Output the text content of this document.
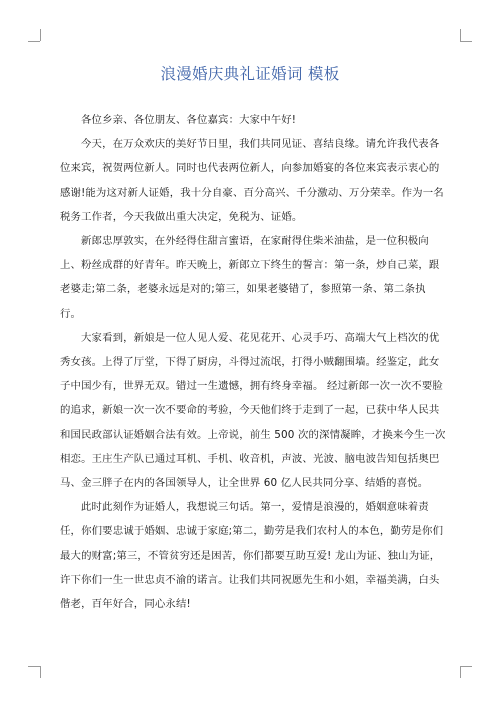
浪漫婚庆典礼证婚词 模板

各位乡亲、各位朋友、各位嘉宾：大家中午好!

今天，在万众欢庆的美好节日里，我们共同见证、喜结良缘。请允许我代表各位来宾，祝贺两位新人。同时也代表两位新人，向参加婚宴的各位来宾表示衷心的感谢!能为这对新人证婚，我十分自豪、百分高兴、千分激动、万分荣幸。作为一名税务工作者，今天我做出重大决定，免税为、证婚。

新郎忠厚敦实，在外经得住甜言蜜语，在家耐得住柴米油盐，是一位积极向上、粉丝成群的好青年。昨天晚上，新郎立下终生的誓言：第一条，炒自己菜，跟老婆走;第二条，老婆永远是对的;第三，如果老婆错了，参照第一条、第二条执行。

大家看到，新娘是一位人见人爱、花见花开、心灵手巧、高端大气上档次的优秀女孩。上得了厅堂，下得了厨房，斗得过流氓，打得小贼翻围墙。经鉴定，此女子中国少有，世界无双。错过一生遗憾，拥有终身幸福。 经过新郎一次一次不要脸的追求，新娘一次一次不要命的考验，今天他们终于走到了一起，已获中华人民共和国民政部认证婚姻合法有效。上帝说，前生 500 次的深情凝眸，才换来今生一次相恋。王庄生产队已通过耳机、手机、收音机，声波、光波、脑电波告知包括奥巴马、金三胖子在内的各国领导人，让全世界 60 亿人民共同分享、结婚的喜悦。

此时此刻作为证婚人，我想说三句话。第一，爱情是浪漫的，婚姻意味着责任，你们要忠诚于婚姻、忠诚于家庭;第二，勤劳是我们农村人的本色，勤劳是你们最大的财富;第三，不管贫穷还是困苦，你们都要互助互爱! 龙山为证、独山为证，许下你们一生一世忠贞不渝的诺言。让我们共同祝愿先生和小姐，幸福美满，白头偕老，百年好合，同心永结!
